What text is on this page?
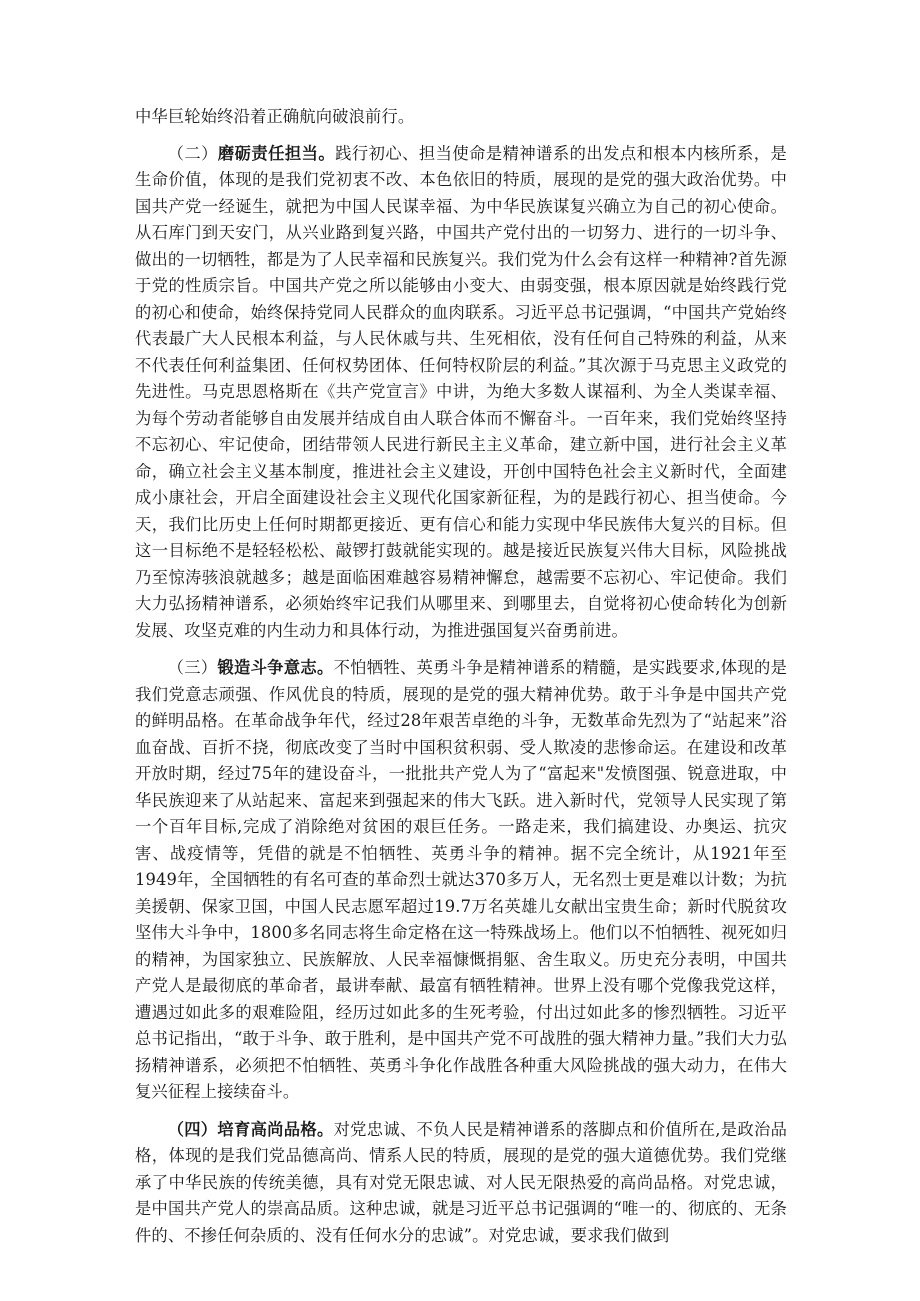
中华巨轮始终沿着正确航向破浪前行。

（二）磨砺责任担当。践行初心、担当使命是精神谱系的出发点和根本内核所系，是生命价值，体现的是我们党初衷不改、本色依旧的特质，展现的是党的强大政治优势。中国共产党一经诞生，就把为中国人民谋幸福、为中华民族谋复兴确立为自己的初心使命。从石库门到天安门，从兴业路到复兴路，中国共产党付出的一切努力、进行的一切斗争、做出的一切牺牲，都是为了人民幸福和民族复兴。我们党为什么会有这样一种精神?首先源于党的性质宗旨。中国共产党之所以能够由小变大、由弱变强，根本原因就是始终践行党的初心和使命，始终保持党同人民群众的血肉联系。习近平总书记强调，“中国共产党始终代表最广大人民根本利益，与人民休戚与共、生死相依，没有任何自己特殊的利益，从来不代表任何利益集团、任何权势团体、任何特权阶层的利益。”其次源于马克思主义政党的先进性。马克思恩格斯在《共产党宣言》中讲，为绝大多数人谋福利、为全人类谋幸福、为每个劳动者能够自由发展并结成自由人联合体而不懈奋斗。一百年来，我们党始终坚持不忘初心、牢记使命，团结带领人民进行新民主主义革命，建立新中国，进行社会主义革命，确立社会主义基本制度，推进社会主义建设，开创中国特色社会主义新时代，全面建成小康社会，开启全面建设社会主义现代化国家新征程，为的是践行初心、担当使命。今天，我们比历史上任何时期都更接近、更有信心和能力实现中华民族伟大复兴的目标。但这一目标绝不是轻轻松松、敲锣打鼓就能实现的。越是接近民族复兴伟大目标，风险挑战乃至惊涛骇浪就越多；越是面临困难越容易精神懈怠，越需要不忘初心、牢记使命。我们大力弘扬精神谱系，必须始终牢记我们从哪里来、到哪里去，自觉将初心使命转化为创新发展、攻坚克难的内生动力和具体行动，为推进强国复兴奋勇前进。

（三）锻造斗争意志。不怕牺牲、英勇斗争是精神谱系的精髓，是实践要求,体现的是我们党意志顽强、作风优良的特质，展现的是党的强大精神优势。敢于斗争是中国共产党的鲜明品格。在革命战争年代，经过28年艰苦卓绝的斗争，无数革命先烈为了“站起来”浴血奋战、百折不挠，彻底改变了当时中国积贫积弱、受人欺凌的悲惨命运。在建设和改革开放时期，经过75年的建设奋斗，一批批共产党人为了“富起来"发愤图强、锐意进取，中华民族迎来了从站起来、富起来到强起来的伟大飞跃。进入新时代，党领导人民实现了第一个百年目标,完成了消除绝对贫困的艰巨任务。一路走来，我们搞建设、办奥运、抗灾害、战疫情等，凭借的就是不怕牺牲、英勇斗争的精神。据不完全统计，从1921年至1949年，全国牺牲的有名可查的革命烈士就达370多万人，无名烈士更是难以计数；为抗美援朝、保家卫国，中国人民志愿军超过19.7万名英雄儿女献出宝贵生命；新时代脱贫攻坚伟大斗争中，1800多名同志将生命定格在这一特殊战场上。他们以不怕牺牲、视死如归的精神，为国家独立、民族解放、人民幸福慷慨捐躯、舍生取义。历史充分表明，中国共产党人是最彻底的革命者，最讲奉献、最富有牺牲精神。世界上没有哪个党像我党这样，遭遇过如此多的艰难险阻，经历过如此多的生死考验，付出过如此多的惨烈牺牲。习近平总书记指出，“敢于斗争、敢于胜利，是中国共产党不可战胜的强大精神力量。”我们大力弘扬精神谱系，必须把不怕牺牲、英勇斗争化作战胜各种重大风险挑战的强大动力，在伟大复兴征程上接续奋斗。

（四）培育高尚品格。对党忠诚、不负人民是精神谱系的落脚点和价值所在,是政治品格，体现的是我们党品德高尚、情系人民的特质，展现的是党的强大道德优势。我们党继承了中华民族的传统美德，具有对党无限忠诚、对人民无限热爱的高尚品格。对党忠诚，是中国共产党人的崇高品质。这种忠诚，就是习近平总书记强调的“唯一的、彻底的、无条件的、不掺任何杂质的、没有任何水分的忠诚”。对党忠诚，要求我们做到
